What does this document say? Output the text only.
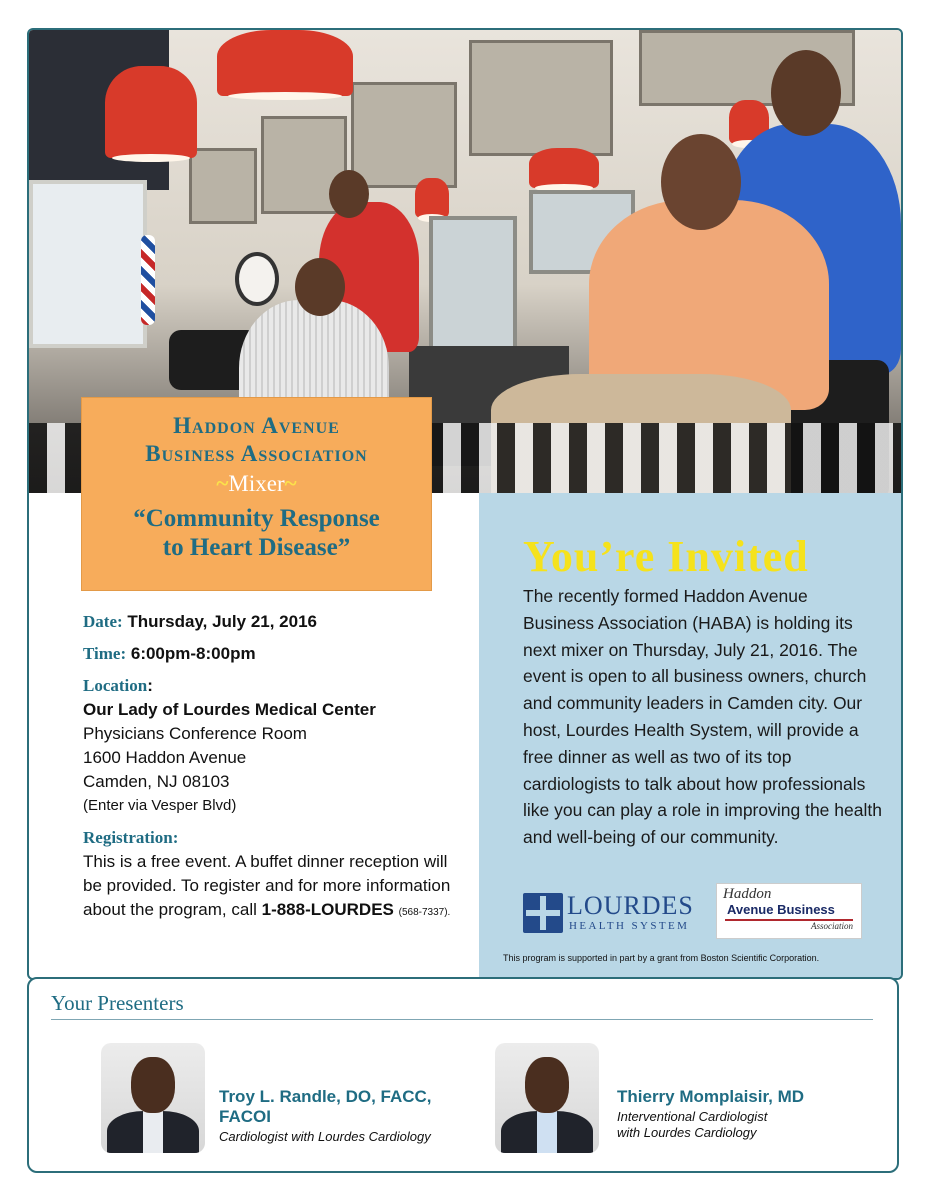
Haddon Avenue
Business Association
~Mixer~
“Community Response
to Heart Disease”
Date: Thursday, July 21, 2016
Time: 6:00pm-8:00pm
Location:
Our Lady of Lourdes Medical Center
Physicians Conference Room
1600 Haddon Avenue
Camden, NJ 08103
(Enter via Vesper Blvd)
Registration:
This is a free event. A buffet dinner reception will be provided. To register and for more information about the program, call 1-888-LOURDES (568-7337).
You’re Invited
The recently formed Haddon Avenue Business Association (HABA) is holding its next mixer on Thursday, July 21, 2016. The event is open to all business owners, church and community leaders in Camden city. Our host, Lourdes Health System, will provide a free dinner as well as two of its top cardiologists to talk about how professionals like you can play a role in improving the health and well-being of our community.
LOURDES
HEALTH SYSTEM
Haddon
Avenue Business
Association
This program is supported in part by a grant from Boston Scientific Corporation.
Your Presenters
Troy L. Randle, DO, FACC,
FACOI
Cardiologist with Lourdes Cardiology
Thierry Momplaisir, MD
Interventional Cardiologist
with Lourdes Cardiology
